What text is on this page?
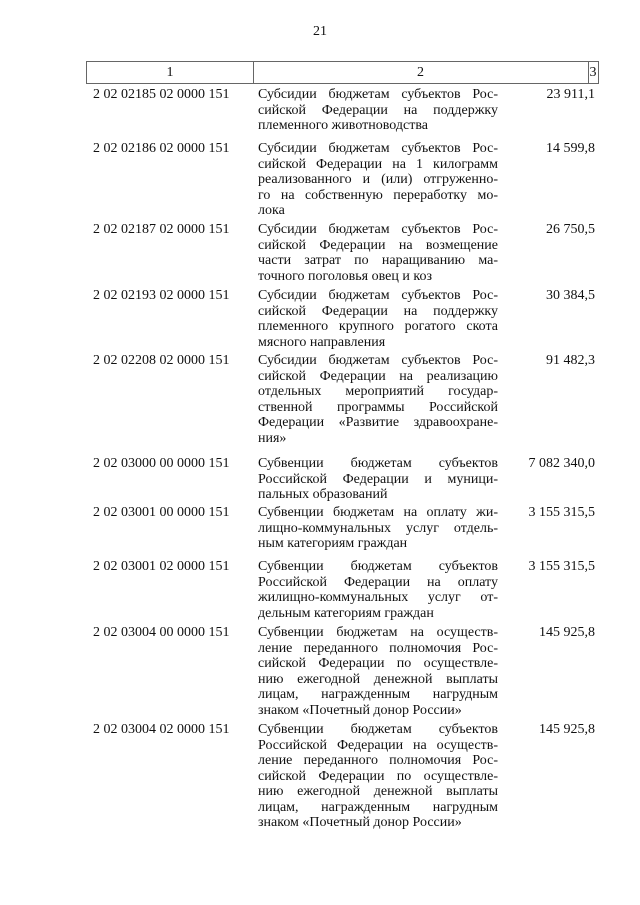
21
1	2	3
2 02 02185 02 0000 151 Субсидии бюджетам субъектов Рос-
сийской Федерации на поддержку
племенного животноводства
23 911,1
2 02 02186 02 0000 151 Субсидии бюджетам субъектов Рос-
сийской Федерации на 1 килограмм
реализованного и (или) отгруженно-
го на собственную переработку мо-
лока
14 599,8
2 02 02187 02 0000 151 Субсидии бюджетам субъектов Рос-
сийской Федерации на возмещение
части затрат по наращиванию ма-
точного поголовья овец и коз
26 750,5
2 02 02193 02 0000 151 Субсидии бюджетам субъектов Рос-
сийской Федерации на поддержку
племенного крупного рогатого скота
мясного направления
30 384,5
2 02 02208 02 0000 151 Субсидии бюджетам субъектов Рос-
сийской Федерации на реализацию
отдельных мероприятий государ-
ственной программы Российской
Федерации «Развитие здравоохране-
ния»
91 482,3
2 02 03000 00 0000 151 Субвенции бюджетам субъектов
Российской Федерации и муници-
пальных образований
7 082 340,0
2 02 03001 00 0000 151 Субвенции бюджетам на оплату жи-
лищно-коммунальных услуг отдель-
ным категориям граждан
3 155 315,5
2 02 03001 02 0000 151 Субвенции бюджетам субъектов
Российской Федерации на оплату
жилищно-коммунальных услуг от-
дельным категориям граждан
3 155 315,5
2 02 03004 00 0000 151 Субвенции бюджетам на осуществ-
ление переданного полномочия Рос-
сийской Федерации по осуществле-
нию ежегодной денежной выплаты
лицам, награжденным нагрудным
знаком «Почетный донор России»
145 925,8
2 02 03004 02 0000 151 Субвенции бюджетам субъектов
Российской Федерации на осуществ-
ление переданного полномочия Рос-
сийской Федерации по осуществле-
нию ежегодной денежной выплаты
лицам, награжденным нагрудным
знаком «Почетный донор России»
145 925,8
